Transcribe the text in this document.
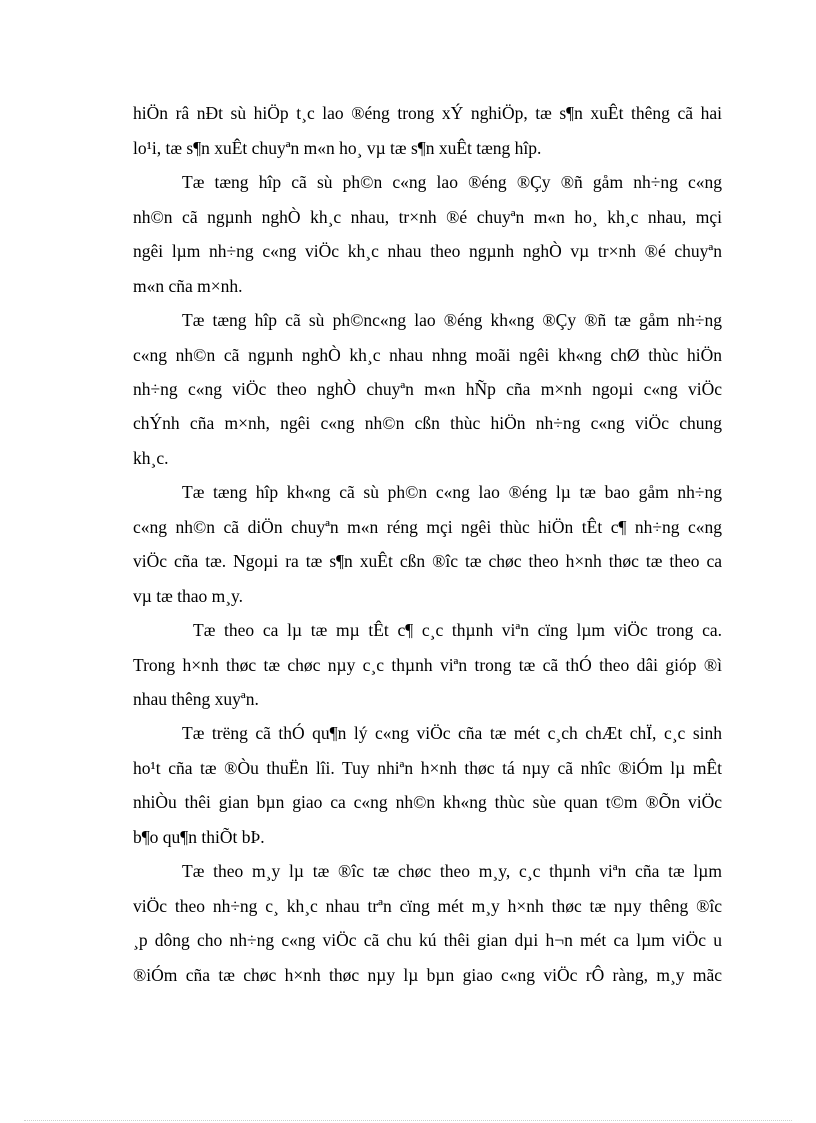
hiÖn râ nÐt sù hiÖp t¸c lao ®éng trong xÝ nghiÖp, tæ s¶n xuÊt thêng cã hai
lo¹i, tæ s¶n xuÊt chuyªn m«n ho¸ vµ tæ s¶n xuÊt tæng hîp.
Tæ tæng hîp cã sù ph©n c«ng lao ®éng ®Çy ®ñ gåm nh÷ng c«ng
nh©n cã ngµnh nghÒ kh¸c nhau, tr×nh ®é chuyªn m«n ho¸ kh¸c nhau, mçi
ngêi lµm nh÷ng c«ng viÖc kh¸c nhau theo ngµnh nghÒ vµ tr×nh ®é chuyªn
m«n cña m×nh.
Tæ tæng hîp cã sù ph©nc«ng lao ®éng kh«ng ®Çy ®ñ tæ gåm nh÷ng
c«ng nh©n cã ngµnh nghÒ kh¸c nhau nhng moãi ngêi kh«ng chØ thùc hiÖn
nh÷ng c«ng viÖc theo nghÒ chuyªn m«n hÑp cña m×nh ngoµi c«ng viÖc
chÝnh cña m×nh, ngêi c«ng nh©n cßn thùc hiÖn nh÷ng c«ng viÖc chung
kh¸c.
Tæ tæng hîp kh«ng cã sù ph©n c«ng lao ®éng lµ tæ bao gåm nh÷ng
c«ng nh©n cã diÖn chuyªn m«n réng mçi ngêi thùc hiÖn tÊt c¶ nh÷ng c«ng
viÖc cña tæ. Ngoµi ra tæ s¶n xuÊt cßn ®îc tæ chøc theo h×nh thøc tæ theo ca
vµ tæ thao m¸y.
Tæ theo ca lµ tæ mµ tÊt c¶ c¸c thµnh viªn cïng lµm viÖc trong ca.
Trong h×nh thøc tæ chøc nµy c¸c thµnh viªn trong tæ cã thÓ theo dâi gióp ®ì
nhau thêng xuyªn.
Tæ trëng cã thÓ qu¶n lý c«ng viÖc cña tæ mét c¸ch chÆt chÏ, c¸c sinh
ho¹t cña tæ ®Òu thuËn lîi. Tuy nhiªn h×nh thøc tá nµy cã nhîc ®iÓm lµ mÊt
nhiÒu thêi gian bµn giao ca c«ng nh©n kh«ng thùc sùe quan t©m ®Õn viÖc
b¶o qu¶n thiÕt bÞ.
Tæ theo m¸y lµ tæ ®îc tæ chøc theo m¸y, c¸c thµnh viªn cña tæ lµm
viÖc theo nh÷ng c¸ kh¸c nhau trªn cïng mét m¸y h×nh thøc tæ nµy thêng ®îc
¸p dông cho nh÷ng c«ng viÖc cã chu kú thêi gian dµi h¬n mét ca lµm viÖc u
®iÓm cña tæ chøc h×nh thøc nµy lµ bµn giao c«ng viÖc rÔ ràng, m¸y mãc
